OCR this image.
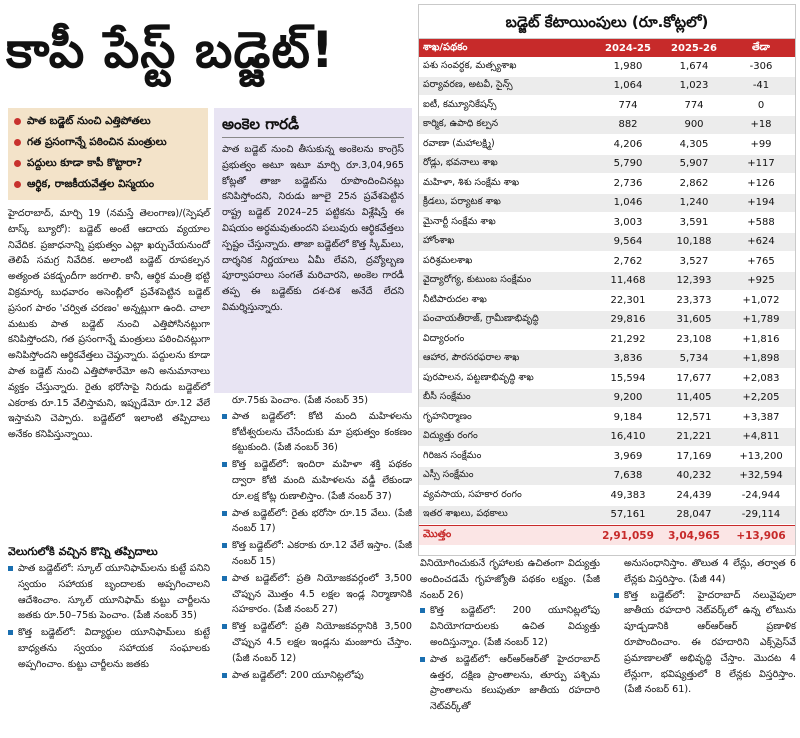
కాపీ పేస్ట్ బడ్జెట్!
పాత బడ్జెట్ నుంచి ఎత్తిపోతలు
గత ప్రసంగాన్నే పఠించిన మంత్రులు
పద్దులు కూడా కాపీ కొట్టారా?
ఆర్థిక, రాజకీయవేత్తల విస్మయం
అంకెల గారడీ
పాత బడ్జెట్ నుంచి తీసుకున్న అంకెలను కాంగ్రెస్ ప్రభుత్వం అటూ ఇటూ మార్చి రూ.3,04,965 కోట్లతో తాజా బడ్జెట్‌ను రూపొందించినట్లు కనిపిస్తోందని, నిరుడు జూలై 25న ప్రవేశపెట్టిన రాష్ట్ర బడ్జెట్ 2024–25 పట్టికను విశ్లేషిస్తే ఈ విషయం అర్థమవుతుందని పలువురు ఆర్థికవేత్తలు స్పష్టం చేస్తున్నారు. తాజా బడ్జెట్‌లో కొత్త స్కీమ్‌లు, దార్శనిక నిర్ణయాలు ఏమీ లేవని, ద్రవ్యోల్బణ పూర్వాపరాలు సంగతే మరిచారని, అంకెల గారడీ తప్ప ఈ బడ్జెట్‌కు దశ-దిశ అనేదే లేదని విమర్శిస్తున్నారు.
హైదరాబాద్, మార్చి 19 (నమస్తే తెలంగాణ)/(స్పెషల్ టాస్క్ బ్యూరో): బడ్జెట్ అంటే ఆదాయ వ్యయాల నివేదిక. ప్రజాధనాన్ని ప్రభుత్వం ఎట్లా ఖర్చుచేయనుందో తెలిపే సమగ్ర నివేదిక. అలాంటి బడ్జెట్ రూపకల్పన అత్యంత పకడ్బందీగా జరగాలి. కానీ, ఆర్థిక మంత్రి భట్టి విక్రమార్క బుధవారం అసెంబ్లీలో ప్రవేశపెట్టిన బడ్జెట్ ప్రసంగ పాఠం 'చర్విత చరణం' అన్నట్లుగా ఉంది. చాలా మటుకు పాత బడ్జెట్ నుంచి ఎత్తిపోసినట్లుగా కనిపిస్తోందని, గత ప్రసంగాన్నే మంత్రులు పఠించినట్లుగా అనిపిస్తోందని ఆర్థికవేత్తలు చెప్తున్నారు. పద్దులను కూడా పాత బడ్జెట్ నుంచి ఎత్తిపోశారేమో అని అనుమానాలు వ్యక్తం చేస్తున్నారు. రైతు భరోసాపై నిరుడు బడ్జెట్‌లో ఎకరాకు రూ.15 వేలిస్తామని, ఇప్పుడేమో రూ.12 వేలే ఇస్తామని చెప్పారు. బడ్జెట్‌లో ఇలాంటి తప్పిదాలు అనేకం కనిపిస్తున్నాయి.
వెలుగులోకి వచ్చిన కొన్ని తప్పిదాలు
పాత బడ్జెట్‌లో: స్కూల్ యూనిఫామ్‌లను కుట్టే పనిని స్వయం సహాయక బృందాలకు అప్పగించాలని ఆదేశించాం. స్కూల్ యూనిఫామ్ కుట్టు చార్జీలను జతకు రూ.50–75కు పెంచాం. (పేజీ నంబర్ 35)
కొత్త బడ్జెట్‌లో: విద్యార్థుల యూనిఫామ్‌లు కుట్టే బాధ్యతను స్వయం సహాయక సంఘాలకు అప్పగించాం. కుట్టు చార్జీలను జతకు
రూ.75కు పెంచాం. (పేజీ నంబర్ 35)
పాత బడ్జెట్‌లో: కోటి మంది మహిళలను కోటీశ్వరులను చేసేందుకు మా ప్రభుత్వం కంకణం కట్టుకుంది. (పేజీ నంబర్ 36)
కొత్త బడ్జెట్‌లో: ఇందిరా మహిళా శక్తి పథకం ద్వారా కోటి మంది మహిళలను వడ్డీ లేకుండా రూ.లక్ష కోట్ల రుణాలిస్తాం. (పేజీ నంబర్ 37)
పాత బడ్జెట్‌లో: రైతు భరోసా రూ.15 వేలు. (పేజీ నంబర్ 17)
కొత్త బడ్జెట్‌లో: ఎకరాకు రూ.12 వేలే ఇస్తాం. (పేజీ నంబర్ 15)
పాత బడ్జెట్‌లో: ప్రతి నియోజకవర్గంలో 3,500 చొప్పున మొత్తం 4.5 లక్షల ఇండ్ల నిర్మాణానికి సహకారం. (పేజీ నంబర్ 27)
కొత్త బడ్జెట్‌లో: ప్రతి నియోజకవర్గానికి 3,500 చొప్పున 4.5 లక్షల ఇండ్లను మంజూరు చేస్తాం. (పేజీ నంబర్ 12)
పాత బడ్జెట్‌లో: 200 యూనిట్లలోపు
వినియోగించుకునే గృహాలకు ఉచితంగా విద్యుత్తు అందించడమే గృహజ్యోతి పథకం లక్ష్యం. (పేజీ నంబర్ 26)
కొత్త బడ్జెట్‌లో: 200 యూనిట్లలోపు వినియోగదారులకు ఉచిత విద్యుత్తు అందిస్తున్నాం. (పేజీ నంబర్ 12)
పాత బడ్జెట్‌లో: ఆర్‌ఆర్‌ఆర్‌తో హైదరాబాద్ ఉత్తర, దక్షిణ ప్రాంతాలను, తూర్పు పశ్చిమ ప్రాంతాలను కలుపుతూ జాతీయ రహదారి నెట్‌వర్క్‌తో
అనుసంధానిస్తాం. తొలుత 4 లేన్లు, తర్వాత 6 లేన్లకు విస్తరిస్తాం. (పేజీ 44)
కొత్త బడ్జెట్‌లో: హైదరాబాద్ నలువైపులా జాతీయ రహదారి నెట్‌వర్క్‌లో ఉన్న లోటును పూడ్చడానికి ఆర్‌ఆర్‌ఆర్ ప్రణాళిక రూపొందించాం. ఈ రహదారిని ఎక్స్‌ప్రెస్‌వే ప్రమాణాలతో అభివృద్ధి చేస్తాం. మొదట 4 లేన్లుగా, భవిష్యత్తులో 8 లేన్లకు విస్తరిస్తాం. (పేజీ నంబర్ 61).
బడ్జెట్ కేటాయింపులు (రూ.కోట్లలో)
శాఖ/పథకం	2024-25	2025-26	తేడా
పశు సంవర్ధక, మత్స్యశాఖ	1,980	1,674	-306
పర్యావరణ, అటవీ, సైన్స్	1,064	1,023	-41
ఐటీ, కమ్యూనికేషన్స్	774	774	0
కార్మిక, ఉపాధి కల్పన	882	900	+18
రవాణా (మహాలక్ష్మి)	4,206	4,305	+99
రోడ్లు, భవనాలు శాఖ	5,790	5,907	+117
మహిళా, శిశు సంక్షేమ శాఖ	2,736	2,862	+126
క్రీడలు, పర్యాటక శాఖ	1,046	1,240	+194
మైనార్టీ సంక్షేమ శాఖ	3,003	3,591	+588
హోంశాఖ	9,564	10,188	+624
పరిశ్రమలశాఖ	2,762	3,527	+765
వైద్యారోగ్య, కుటుంబ సంక్షేమం	11,468	12,393	+925
నీటిపారుదల శాఖ	22,301	23,373	+1,072
పంచాయతీరాజ్, గ్రామీణాభివృద్ధి	29,816	31,605	+1,789
విద్యారంగం	21,292	23,108	+1,816
ఆహార, పౌరసరఫరాల శాఖ	3,836	5,734	+1,898
పురపాలన, పట్టణాభివృద్ధి శాఖ	15,594	17,677	+2,083
బీసీ సంక్షేమం	9,200	11,405	+2,205
గృహనిర్మాణం	9,184	12,571	+3,387
విద్యుత్తు రంగం	16,410	21,221	+4,811
గిరిజన సంక్షేమం	3,969	17,169	+13,200
ఎస్సీ సంక్షేమం	7,638	40,232	+32,594
వ్యవసాయ, సహకార రంగం	49,383	24,439	-24,944
ఇతర శాఖలు, పథకాలు	57,161	28,047	-29,114
మొత్తం	2,91,059	3,04,965	+13,906
